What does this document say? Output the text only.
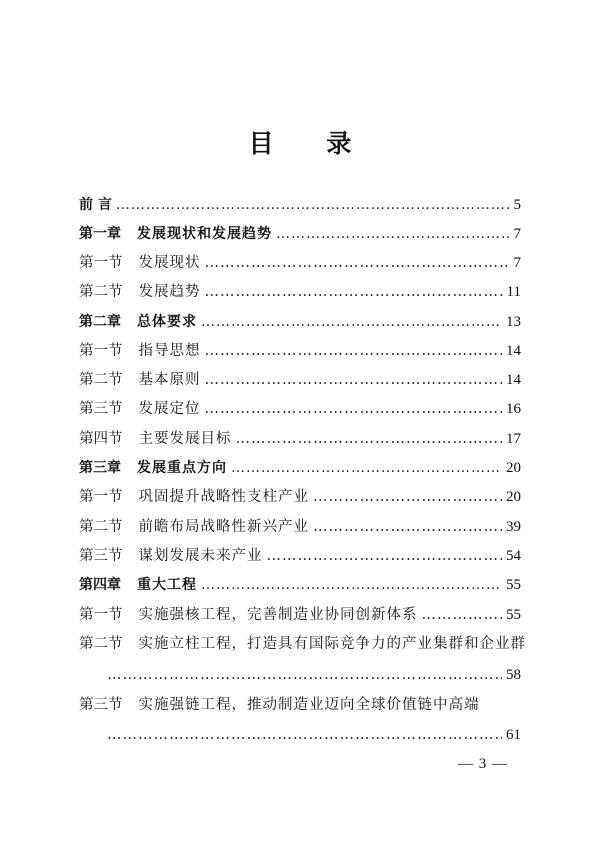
目 录
前 言 …………………………………………………………………………………………………………………………………………	5
第一章 发展现状和发展趋势 …………………………………………………………………………………………………………………………………………	7
第一节 发展现状 …………………………………………………………………………………………………………………………………………	7
第二节 发展趋势 …………………………………………………………………………………………………………………………………………	11
第二章 总体要求 …………………………………………………………………………………………………………………………………………	13
第一节 指导思想 …………………………………………………………………………………………………………………………………………	14
第二节 基本原则 …………………………………………………………………………………………………………………………………………	14
第三节 发展定位 …………………………………………………………………………………………………………………………………………	16
第四节 主要发展目标 …………………………………………………………………………………………………………………………………………	17
第三章 发展重点方向 …………………………………………………………………………………………………………………………………………	20
第一节 巩固提升战略性支柱产业 …………………………………………………………………………………………………………………………………………	20
第二节 前瞻布局战略性新兴产业 …………………………………………………………………………………………………………………………………………	39
第三节 谋划发展未来产业 …………………………………………………………………………………………………………………………………………	54
第四章 重大工程 …………………………………………………………………………………………………………………………………………	55
第一节 实施强核工程，完善制造业协同创新体系 …………………………………………………………………………………………………………………………………………	55
第二节 实施立柱工程，打造具有国际竞争力的产业集群和企业群
…………………………………………………………………………………………………………………………………………
58
第三节 实施强链工程，推动制造业迈向全球价值链中高端
…………………………………………………………………………………………………………………………………………
61
— 3 —
